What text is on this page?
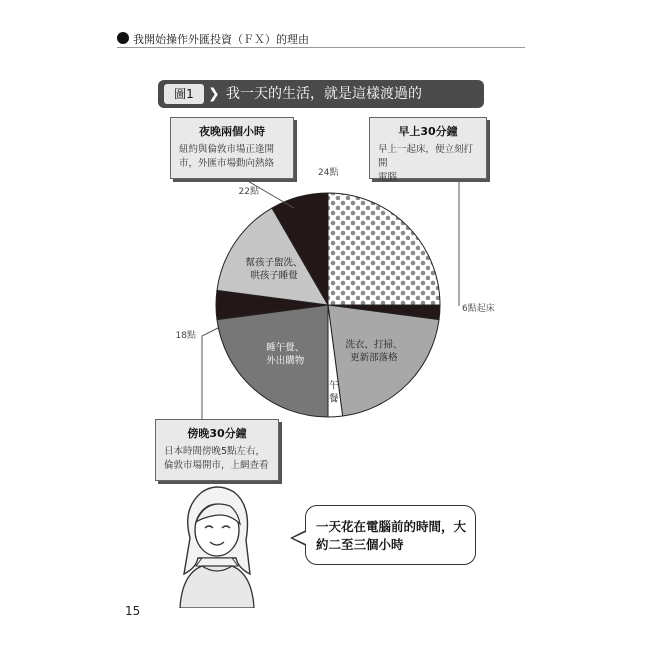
我開始操作外匯投資（ＦＸ）的理由
圖1	❯ 我一天的生活，就是這樣渡過的
洗衣、打掃、更新部落格
午餐
睡午覺、外出購物
幫孩子盥洗、哄孩子睡覺
24點
22點
18點
6點起床
夜晚兩個小時
紐約與倫敦市場正逢開
市，外匯市場動向熱絡
早上30分鐘
早上一起床，便立刻打開
電腦
傍晚30分鐘
日本時間傍晚5點左右，
倫敦市場開市，上網查看
一天花在電腦前的時間，大約二至三個小時
15
